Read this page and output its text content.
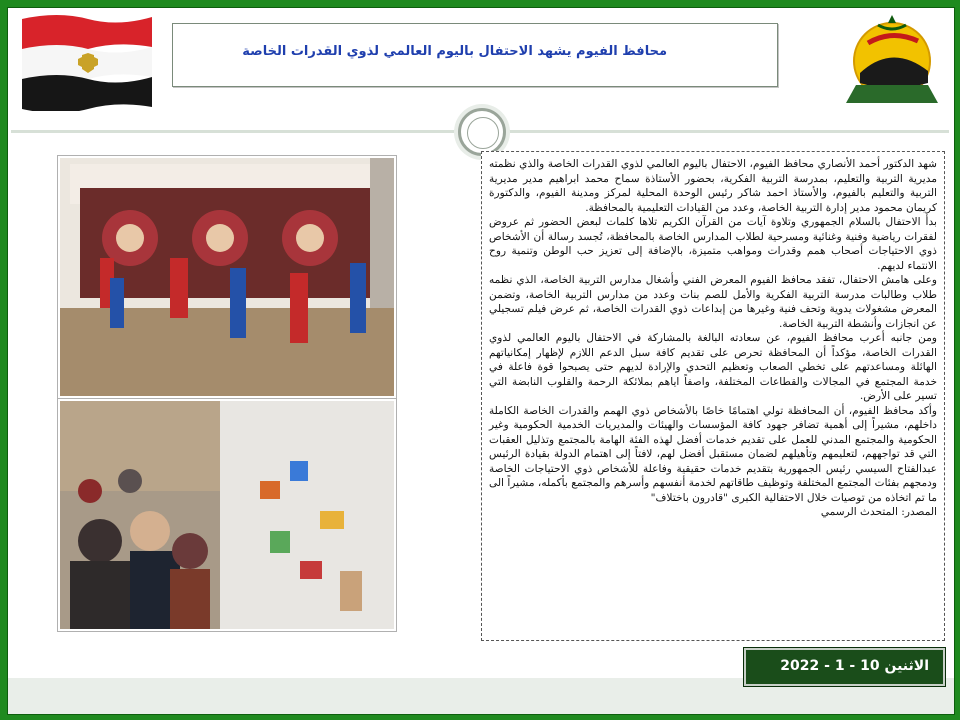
محافظ الفيوم يشهد الاحتفال باليوم العالمي لذوي القدرات الخاصة

شهد الدكتور أحمد الأنصاري محافظ الفيوم، الاحتفال باليوم العالمي لذوي القدرات الخاصة والذي نظمته مديرية التربية والتعليم، بمدرسة التربية الفكرية، بحضور الأستاذة سماح محمد ابراهيم مدير مديرية التربية والتعليم بالفيوم، والأستاذ احمد شاكر رئيس الوحدة المحلية لمركز ومدينة الفيوم، والدكتورة كريمان محمود مدير إدارة التربية الخاصة، وعدد من القيادات التعليمية بالمحافظة.

بدأ الاحتفال بالسلام الجمهوري وتلاوة آيات من القرآن الكريم تلاها كلمات لبعض الحضور ثم عروض لفقرات رياضية وفنية وغنائية ومسرحية لطلاب المدارس الخاصة بالمحافظة، تُجسد رسالة أن الأشخاص ذوي الاحتياجات أصحاب همم وقدرات ومواهب متميزة، بالإضافة إلى تعزيز حب الوطن وتنمية روح الانتماء لديهم.

وعلى هامش الاحتفال، تفقد محافظ الفيوم المعرض الفني وأشغال مدارس التربية الخاصة، الذي نظمه طلاب وطالبات مدرسة التربية الفكرية والأمل للصم بنات وعدد من مدارس التربية الخاصة، وتضمن المعرض مشغولات يدوية وتحف فنية وغيرها من إبداعات ذوي القدرات الخاصة، ثم عرض فيلم تسجيلي عن انجازات وأنشطة التربية الخاصة.

ومن جانبه أعرب محافظ الفيوم، عن سعادته البالغة بالمشاركة في الاحتفال باليوم العالمي لذوي القدرات الخاصة، مؤكداً أن المحافظة تحرص على تقديم كافة سبل الدعم اللازم لإظهار إمكانياتهم الهائلة ومساعدتهم على تخطي الصعاب وتعظيم التحدي والإرادة لديهم حتى يصبحوا قوة فاعلة في خدمة المجتمع في المجالات والقطاعات المختلفة، واصفاً اياهم بملائكة الرحمة والقلوب النابضة التي تسير على الأرض.

وأكد محافظ الفيوم، أن المحافظة تولي اهتمامًا خاصًا بالأشخاص ذوي الهمم والقدرات الخاصة الكاملة داخلهم، مشيراً إلى أهمية تضافر جهود كافة المؤسسات والهيئات والمديريات الخدمية الحكومية وغير الحكومية والمجتمع المدني للعمل على تقديم خدمات أفضل لهذه الفئة الهامة بالمجتمع وتذليل العقبات التي قد تواجههم، لتعليمهم وتأهيلهم لضمان مستقبل أفضل لهم، لافتاً إلى اهتمام الدولة بقيادة الرئيس عبدالفتاح السيسي رئيس الجمهورية بتقديم خدمات حقيقية وفاعلة للأشخاص ذوي الاحتياجات الخاصة ودمجهم بفئات المجتمع المختلفة وتوظيف طاقاتهم لخدمة أنفسهم وأسرهم والمجتمع بأكمله، مشيراً الى ما تم اتخاذه من توصيات خلال الاحتفالية الكبرى "قادرون باختلاف"

المصدر: المتحدث الرسمي

الاثنين 10 - 1 - 2022
